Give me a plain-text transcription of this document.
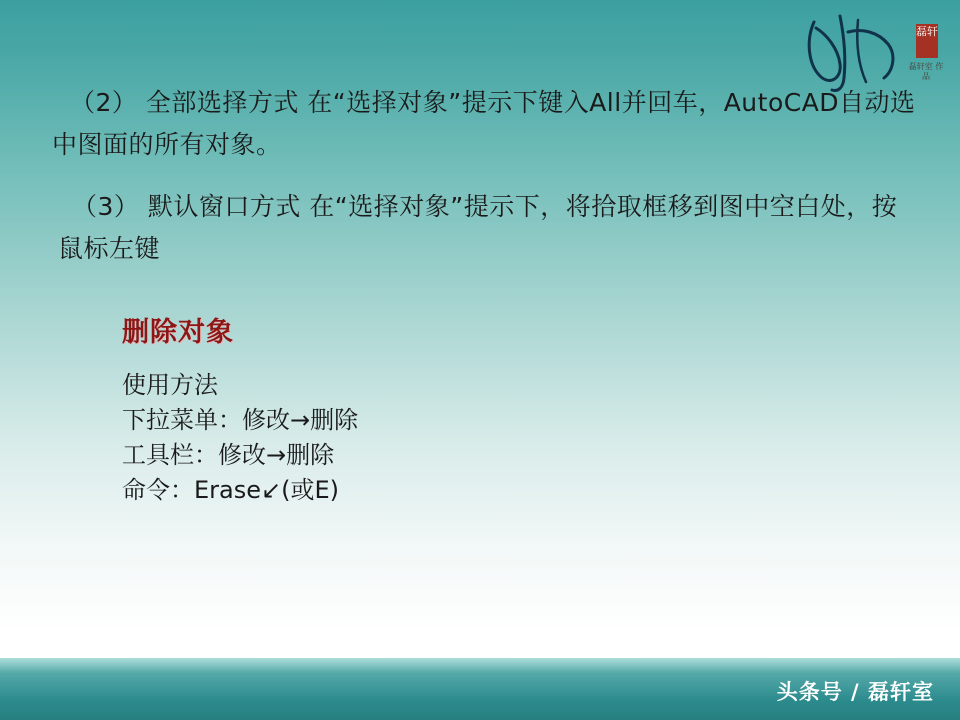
磊轩
磊轩室 作品
（2） 全部选择方式 在“选择对象”提示下键入All并回车，AutoCAD自动选中图面的所有对象。
（3） 默认窗口方式 在“选择对象”提示下，将拾取框移到图中空白处，按鼠标左键
删除对象
使用方法
下拉菜单：修改→删除
工具栏：修改→删除
命令：Erase↙(或E)
头条号 / 磊轩室
